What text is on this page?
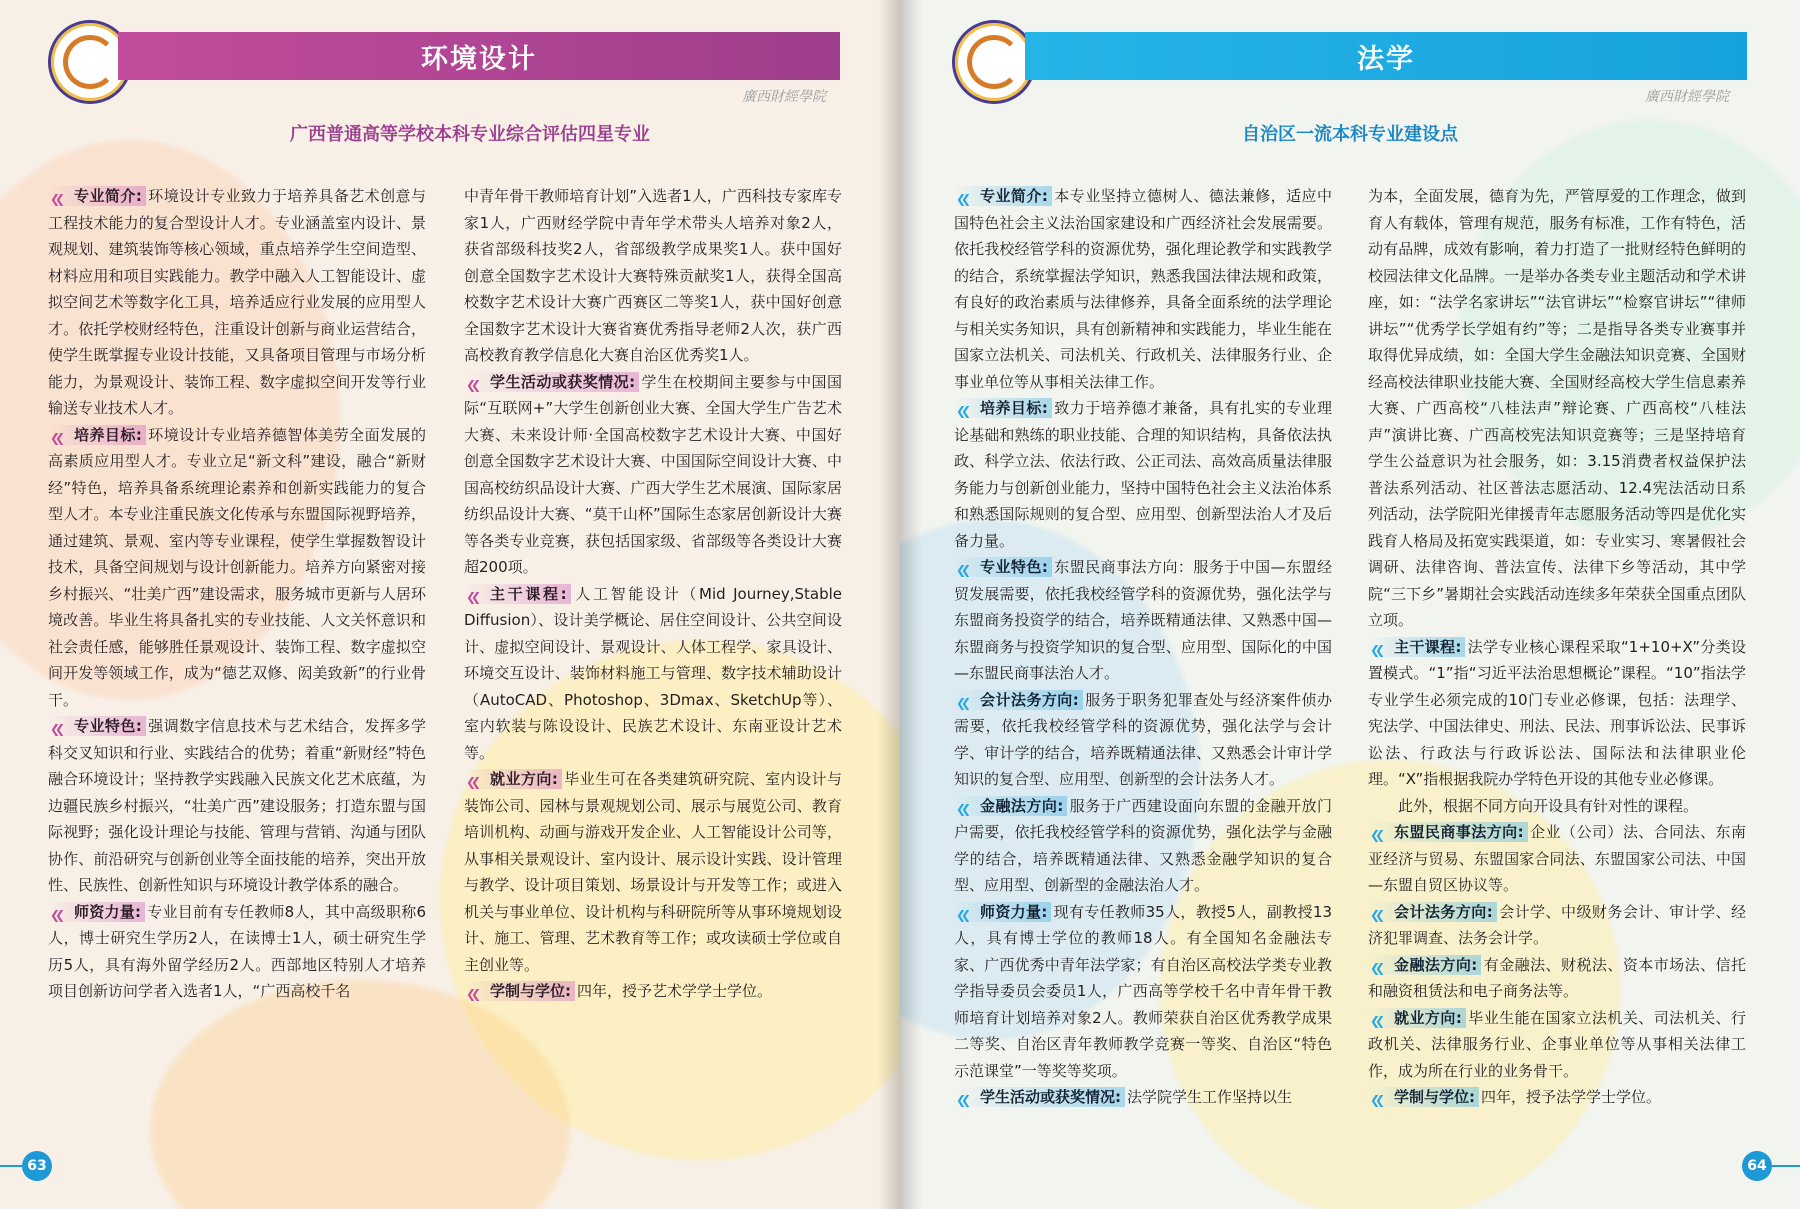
环境设计
廣西財經學院
广西普通高等学校本科专业综合评估四星专业

❮❮ 专业简介: 环境设计专业致力于培养具备艺术创意与工程技术能力的复合型设计人才。专业涵盖室内设计、景观规划、建筑装饰等核心领域，重点培养学生空间造型、材料应用和项目实践能力。教学中融入人工智能设计、虚拟空间艺术等数字化工具，培养适应行业发展的应用型人才。依托学校财经特色，注重设计创新与商业运营结合，使学生既掌握专业设计技能，又具备项目管理与市场分析能力，为景观设计、装饰工程、数字虚拟空间开发等行业输送专业技术人才。

❮❮ 培养目标: 环境设计专业培养德智体美劳全面发展的高素质应用型人才。专业立足“新文科”建设，融合“新财经”特色，培养具备系统理论素养和创新实践能力的复合型人才。本专业注重民族文化传承与东盟国际视野培养，通过建筑、景观、室内等专业课程，使学生掌握数智设计技术，具备空间规划与设计创新能力。培养方向紧密对接乡村振兴、“壮美广西”建设需求，服务城市更新与人居环境改善。毕业生将具备扎实的专业技能、人文关怀意识和社会责任感，能够胜任景观设计、装饰工程、数字虚拟空间开发等领域工作，成为“德艺双修、闳美致新”的行业骨干。

❮❮ 专业特色: 强调数字信息技术与艺术结合，发挥多学科交叉知识和行业、实践结合的优势；着重“新财经”特色融合环境设计；坚持教学实践融入民族文化艺术底蕴，为边疆民族乡村振兴，“壮美广西”建设服务；打造东盟与国际视野；强化设计理论与技能、管理与营销、沟通与团队协作、前沿研究与创新创业等全面技能的培养，突出开放性、民族性、创新性知识与环境设计教学体系的融合。

❮❮ 师资力量: 专业目前有专任教师8人，其中高级职称6人，博士研究生学历2人，在读博士1人，硕士研究生学历5人，具有海外留学经历2人。西部地区特别人才培养项目创新访问学者入选者1人，“广西高校千名

中青年骨干教师培育计划”入选者1人，广西科技专家库专家1人，广西财经学院中青年学术带头人培养对象2人，获省部级科技奖2人，省部级教学成果奖1人。获中国好创意全国数字艺术设计大赛特殊贡献奖1人，获得全国高校数字艺术设计大赛广西赛区二等奖1人，获中国好创意全国数字艺术设计大赛省赛优秀指导老师2人次，获广西高校教育教学信息化大赛自治区优秀奖1人。

❮❮ 学生活动或获奖情况: 学生在校期间主要参与中国国际“互联网+”大学生创新创业大赛、全国大学生广告艺术大赛、未来设计师·全国高校数字艺术设计大赛、中国好创意全国数字艺术设计大赛、中国国际空间设计大赛、中国高校纺织品设计大赛、广西大学生艺术展演、国际家居纺织品设计大赛、“莫干山杯”国际生态家居创新设计大赛等各类专业竞赛，获包括国家级、省部级等各类设计大赛超200项。

❮❮ 主干课程: 人工智能设计（Mid Journey,Stable Diffusion）、设计美学概论、居住空间设计、公共空间设计、虚拟空间设计、景观设计、人体工程学、家具设计、环境交互设计、装饰材料施工与管理、数字技术辅助设计（AutoCAD、Photoshop、3Dmax、SketchUp等）、室内软装与陈设设计、民族艺术设计、东南亚设计艺术等。

❮❮ 就业方向: 毕业生可在各类建筑研究院、室内设计与装饰公司、园林与景观规划公司、展示与展览公司、教育培训机构、动画与游戏开发企业、人工智能设计公司等，从事相关景观设计、室内设计、展示设计实践、设计管理与教学、设计项目策划、场景设计与开发等工作；或进入机关与事业单位、设计机构与科研院所等从事环境规划设计、施工、管理、艺术教育等工作；或攻读硕士学位或自主创业等。

❮❮ 学制与学位: 四年，授予艺术学学士学位。

63
法学
廣西財經學院
自治区一流本科专业建设点

❮❮ 专业简介: 本专业坚持立德树人、德法兼修，适应中国特色社会主义法治国家建设和广西经济社会发展需要。依托我校经管学科的资源优势，强化理论教学和实践教学的结合，系统掌握法学知识，熟悉我国法律法规和政策，有良好的政治素质与法律修养，具备全面系统的法学理论与相关实务知识，具有创新精神和实践能力，毕业生能在国家立法机关、司法机关、行政机关、法律服务行业、企事业单位等从事相关法律工作。

❮❮ 培养目标: 致力于培养德才兼备，具有扎实的专业理论基础和熟练的职业技能、合理的知识结构，具备依法执政、科学立法、依法行政、公正司法、高效高质量法律服务能力与创新创业能力，坚持中国特色社会主义法治体系和熟悉国际规则的复合型、应用型、创新型法治人才及后备力量。

❮❮ 专业特色: 东盟民商事法方向：服务于中国—东盟经贸发展需要，依托我校经管学科的资源优势，强化法学与东盟商务投资学的结合，培养既精通法律、又熟悉中国—东盟商务与投资学知识的复合型、应用型、国际化的中国—东盟民商事法治人才。

❮❮ 会计法务方向: 服务于职务犯罪查处与经济案件侦办需要，依托我校经管学科的资源优势，强化法学与会计学、审计学的结合，培养既精通法律、又熟悉会计审计学知识的复合型、应用型、创新型的会计法务人才。

❮❮ 金融法方向: 服务于广西建设面向东盟的金融开放门户需要，依托我校经管学科的资源优势，强化法学与金融学的结合，培养既精通法律、又熟悉金融学知识的复合型、应用型、创新型的金融法治人才。

❮❮ 师资力量: 现有专任教师35人，教授5人，副教授13人，具有博士学位的教师18人。有全国知名金融法专家、广西优秀中青年法学家；有自治区高校法学类专业教学指导委员会委员1人，广西高等学校千名中青年骨干教师培育计划培养对象2人。教师荣获自治区优秀教学成果二等奖、自治区青年教师教学竞赛一等奖、自治区“特色示范课堂”一等奖等奖项。

❮❮ 学生活动或获奖情况: 法学院学生工作坚持以生

为本，全面发展，德育为先，严管厚爱的工作理念，做到育人有载体，管理有规范，服务有标准，工作有特色，活动有品牌，成效有影响，着力打造了一批财经特色鲜明的校园法律文化品牌。一是举办各类专业主题活动和学术讲座，如：“法学名家讲坛”“法官讲坛”“检察官讲坛”“律师讲坛”“优秀学长学姐有约”等；二是指导各类专业赛事并取得优异成绩，如：全国大学生金融法知识竞赛、全国财经高校法律职业技能大赛、全国财经高校大学生信息素养大赛、广西高校“八桂法声”辩论赛、广西高校“八桂法声”演讲比赛、广西高校宪法知识竞赛等；三是坚持培育学生公益意识为社会服务，如：3.15消费者权益保护法普法系列活动、社区普法志愿活动、12.4宪法活动日系列活动，法学院阳光律援青年志愿服务活动等四是优化实践育人格局及拓宽实践渠道，如：专业实习、寒暑假社会调研、法律咨询、普法宣传、法律下乡等活动，其中学院“三下乡”暑期社会实践活动连续多年荣获全国重点团队立项。

❮❮ 主干课程: 法学专业核心课程采取“1+10+X”分类设置模式。“1”指“习近平法治思想概论”课程。“10”指法学专业学生必须完成的10门专业必修课，包括：法理学、宪法学、中国法律史、刑法、民法、刑事诉讼法、民事诉讼法、行政法与行政诉讼法、国际法和法律职业伦理。“X”指根据我院办学特色开设的其他专业必修课。

此外，根据不同方向开设具有针对性的课程。

❮❮ 东盟民商事法方向: 企业（公司）法、合同法、东南亚经济与贸易、东盟国家合同法、东盟国家公司法、中国—东盟自贸区协议等。

❮❮ 会计法务方向: 会计学、中级财务会计、审计学、经济犯罪调查、法务会计学。

❮❮ 金融法方向: 有金融法、财税法、资本市场法、信托和融资租赁法和电子商务法等。

❮❮ 就业方向: 毕业生能在国家立法机关、司法机关、行政机关、法律服务行业、企事业单位等从事相关法律工作，成为所在行业的业务骨干。

❮❮ 学制与学位: 四年，授予法学学士学位。

64
